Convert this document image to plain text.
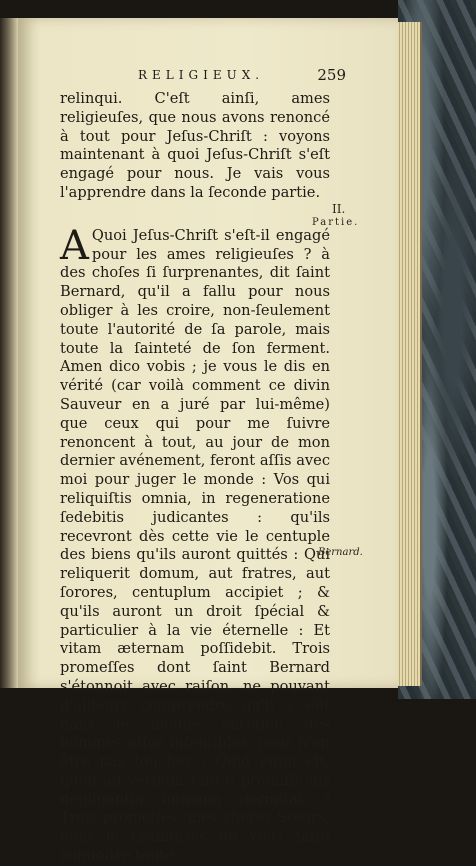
RELIGIEUX.	259

relinqui. C'eſt ainſi, ames religieuſes, que nous avons renoncé à tout pour Jeſus-Chriſt : voyons maintenant à quoi Jeſus-Chriſt s'eſt engagé pour nous. Je vais vous l'apprendre dans la ſeconde partie.

A Quoi Jeſus-Chriſt s'eſt-il engagé pour les ames religieuſes ? à des choſes ſi ſurprenantes, dit ſaint Bernard, qu'il a fallu pour nous obliger à les croire, non-ſeulement toute l'autorité de ſa parole, mais toute la ſainteté de ſon ferment. Amen dico vobis ; je vous le dis en vérité (car voilà comment ce divin Sauveur en a juré par lui-même) que ceux qui pour me ſuivre renoncent à tout, au jour de mon dernier avénement, feront aſſis avec moi pour juger le monde : Vos qui reliquiſtis omnia, in regeneratione ſedebitis judicantes : qu'ils recevront dès cette vie le centuple des biens qu'ils auront quittés : Qui reliquerit domum, aut fratres, aut ſorores, centuplum accipiet ; & qu'ils auront un droit ſpécial & particulier à la vie éternelle : Et vitam æternam poſſidebit. Trois promeſſes dont ſaint Bernard s'étonnoit avec raiſon, ne pouvant d'ailleurs comprendre qu'il y eût dans le monde chrétien des hommes aſſez inſenſibles, pour n'en être pas touchés : Quid enim eſt, quod ad verbum tantæ promiſſionis negligentia humana dormitat ? Trois promeſſes, mes cheres Sœurs, dont je craindrois de vous faire connoître toute

II.
Partie.
Bernard.
